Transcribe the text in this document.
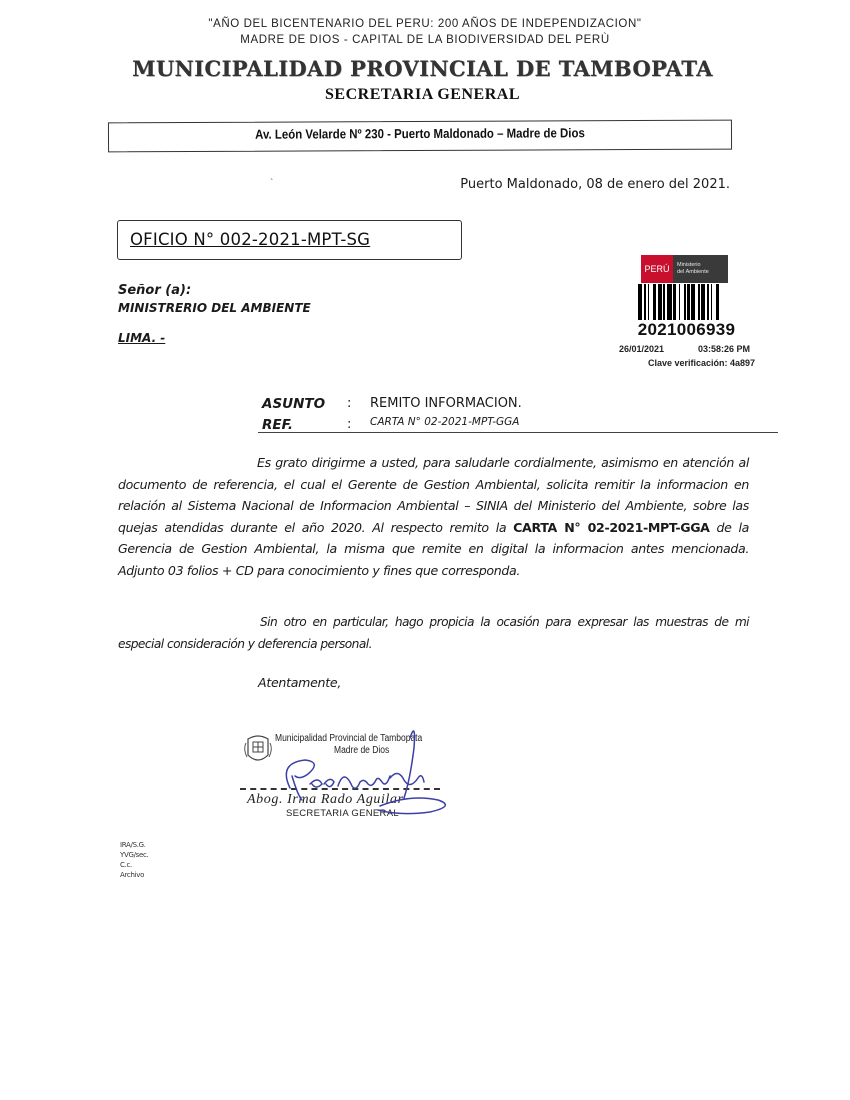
"AÑO DEL BICENTENARIO DEL PERU: 200 AÑOS DE INDEPENDIZACION"
MADRE DE DIOS - CAPITAL DE LA BIODIVERSIDAD DEL PERÙ
MUNICIPALIDAD PROVINCIAL DE TAMBOPATA
SECRETARIA GENERAL
Av. León Velarde Nº 230 - Puerto Maldonado – Madre de Dios
`	Puerto Maldonado, 08 de enero del 2021.
OFICIO N° 002-2021-MPT-SG
Señor (a):
MINISTRERIO DEL AMBIENTE
LIMA. -
PERÚ	Ministerio
del Ambiente
2021006939
26/01/2021	03:58:26 PM
Clave verificación: 4a897
ASUNTO : REMITO INFORMACION.
REF.	: CARTA N° 02-2021-MPT-GGA
Es grato dirigirme a usted, para saludarle cordialmente, asimismo en atención al documento de referencia, el cual el Gerente de Gestion Ambiental, solicita remitir la informacion en relación al Sistema Nacional de Informacion Ambiental – SINIA del Ministerio del Ambiente, sobre las quejas atendidas durante el año 2020. Al respecto remito la CARTA N° 02-2021-MPT-GGA de la Gerencia de Gestion Ambiental, la misma que remite en digital la informacion antes mencionada. Adjunto 03 folios + CD para conocimiento y fines que corresponda.
Sin otro en particular, hago propicia la ocasión para expresar las muestras de mi especial consideración y deferencia personal.
Atentamente,
Municipalidad Provincial de Tambopata
Madre de Dios
Abog. Irma Rado Aguilar
SECRETARIA GENERAL
IRA/S.G.
YVG/sec.
C.c.
Archivo
